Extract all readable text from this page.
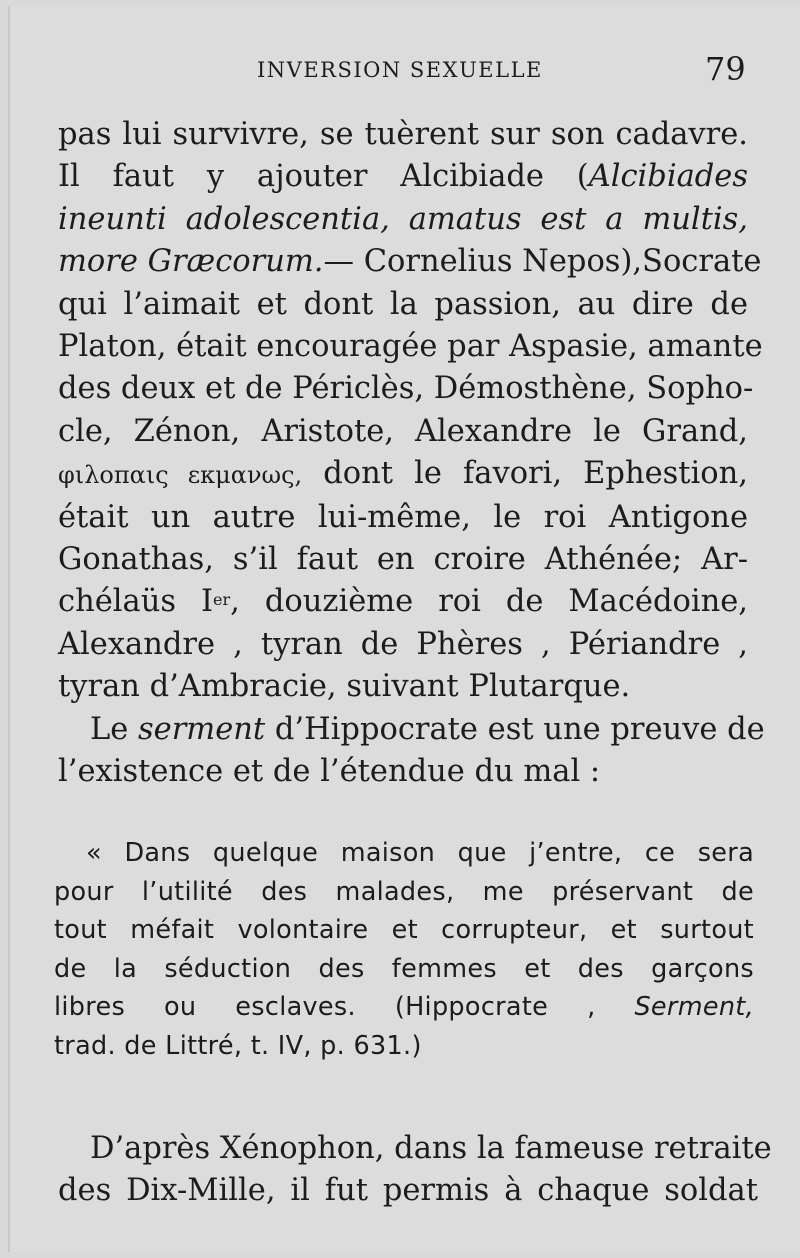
INVERSION SEXUELLE	79
pas lui survivre, se tuèrent sur son cadavre.
Il faut y ajouter Alcibiade (Alcibiades
ineunti adolescentia, amatus est a multis,
more Græcorum.— Cornelius Nepos),Socrate
qui l’aimait et dont la passion, au dire de
Platon, était encouragée par Aspasie, amante
des deux et de Périclès, Démosthène, Sopho-
cle, Zénon, Aristote, Alexandre le Grand,
φιλοπαις εκμανως, dont le favori, Ephestion,
était un autre lui-même, le roi Antigone
Gonathas, s’il faut en croire Athénée; Ar-
chélaüs Ier, douzième roi de Macédoine,
Alexandre , tyran de Phères , Périandre ,
tyran d’Ambracie, suivant Plutarque.
Le serment d’Hippocrate est une preuve de
l’existence et de l’étendue du mal :
« Dans quelque maison que j’entre, ce sera
pour l’utilité des malades, me préservant de
tout méfait volontaire et corrupteur, et surtout
de la séduction des femmes et des garçons
libres ou esclaves. (Hippocrate , Serment,
trad. de Littré, t. IV, p. 631.)
D’après Xénophon, dans la fameuse retraite
des Dix-Mille, il fut permis à chaque soldat
